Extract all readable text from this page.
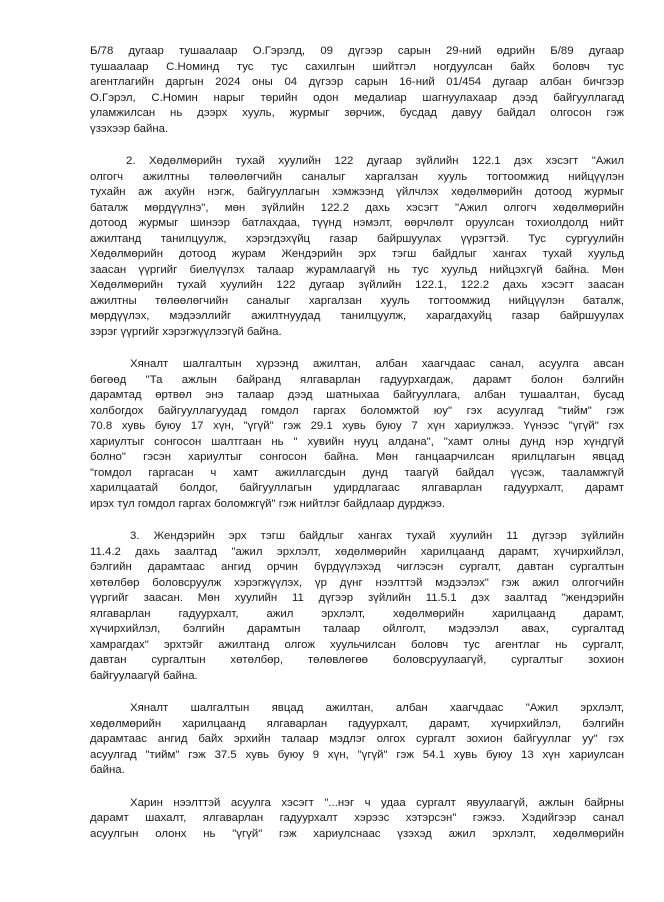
Б/78 дугаар тушаалаар О.Гэрэлд, 09 дүгээр сарын 29-ний өдрийн Б/89 дугаар
тушаалаар С.Номинд тус тус сахилгын шийтгэл ногдуулсан байх боловч тус
агентлагийн даргын 2024 оны 04 дүгээр сарын 16-ний 01/454 дугаар албан бичгээр
О.Гэрэл, С.Номин нарыг төрийн одон медалиар шагнуулахаар дээд байгууллагад
уламжилсан нь дээрх хууль, журмыг зөрчиж, бусдад давуу байдал олгосон гэж
үзэхээр байна.
2. Хөдөлмөрийн тухай хуулийн 122 дугаар зүйлийн 122.1 дэх хэсэгт "Ажил
олгогч ажилтны төлөөлөгчийн саналыг харгалзан хууль тогтоомжид нийцүүлэн
тухайн аж ахуйн нэгж, байгууллагын хэмжээнд үйлчлэх хөдөлмөрийн дотоод журмыг
баталж мөрдүүлнэ", мөн зүйлийн 122.2 дахь хэсэгт "Ажил олгогч хөдөлмөрийн
дотоод журмыг шинээр батлахдаа, түүнд нэмэлт, өөрчлөлт оруулсан тохиолдолд нийт
ажилтанд танилцуулж, хэрэгдэхүйц газар байршуулах үүрэгтэй. Тус сургуулийн
Хөдөлмөрийн дотоод журам Жендэрийн эрх тэгш байдлыг хангах тухай хуульд
заасан үүргийг биелүүлэх талаар журамлаагүй нь тус хуульд нийцэхгүй байна. Мөн
Хөдөлмөрийн тухай хуулийн 122 дугаар зүйлийн 122.1, 122.2 дахь хэсэгт заасан
ажилтны төлөөлөгчийн саналыг харгалзан хууль тогтоомжид нийцүүлэн баталж,
мөрдүүлэх, мэдээллийг ажилтнуудад танилцуулж, харагдахуйц газар байршуулах
зэрэг үүргийг хэрэгжүүлээгүй байна.
Хяналт шалгалтын хүрээнд ажилтан, албан хаагчдаас санал, асуулга авсан
бөгөөд "Та ажлын байранд ялгаварлан гадуурхагдаж, дарамт болон бэлгийн
дарамтад өртвөл энэ талаар дээд шатныхаа байгууллага, албан тушаалтан, бусад
холбогдох байгууллагуудад гомдол гаргах боломжтой юу" гэх асуулгад "тийм" гэж
70.8 хувь буюу 17 хүн, "үгүй" гэж 29.1 хувь буюу 7 хүн хариулжээ. Үүнээс "үгүй" гэх
хариултыг сонгосон шалтгаан нь " хувийн нууц алдана", "хамт олны дунд нэр хүндгүй
болно" гэсэн хариултыг сонгосон байна. Мөн ганцаарчилсан ярилцлагын явцад
"гомдол гаргасан ч хамт ажиллагсдын дунд таагүй байдал үүсэж, тааламжгүй
харилцаатай болдог, байгууллагын удирдлагаас ялгаварлан гадуурхалт, дарамт
ирэх тул гомдол гаргах боломжгүй" гэж нийтлэг байдлаар дурджээ.
3. Жендэрийн эрх тэгш байдлыг хангах тухай хуулийн 11 дүгээр зүйлийн
11.4.2 дахь заалтад "ажил эрхлэлт, хөдөлмөрийн харилцаанд дарамт, хүчирхийлэл,
бэлгийн дарамтаас ангид орчин бүрдүүлэхэд чиглэсэн сургалт, давтан сургалтын
хөтөлбөр боловсруулж хэрэгжүүлэх, үр дүнг нээлттэй мэдээлэх" гэж ажил олгогчийн
үүргийг заасан. Мөн хуулийн 11 дүгээр зүйлийн 11.5.1 дэх заалтад "жендэрийн
ялгаварлан гадуурхалт, ажил эрхлэлт, хөдөлмөрийн харилцаанд дарамт,
хүчирхийлэл, бэлгийн дарамтын талаар ойлголт, мэдээлэл авах, сургалтад
хамрагдах" эрхтэйг ажилтанд олгож хуульчилсан боловч тус агентлаг нь сургалт,
давтан сургалтын хөтөлбөр, төлөвлөгөө боловсруулаагүй, сургалтыг зохион
байгуулаагүй байна.
Хяналт шалгалтын явцад ажилтан, албан хаагчдаас "Ажил эрхлэлт,
хөдөлмөрийн харилцаанд ялгаварлан гадуурхалт, дарамт, хүчирхийлэл, бэлгийн
дарамтаас ангид байх эрхийн талаар мэдлэг олгох сургалт зохион байгууллаг уу" гэх
асуулгад "тийм" гэж 37.5 хувь буюу 9 хүн, "үгүй" гэж 54.1 хувь буюу 13 хүн хариулсан
байна.
Харин нээлттэй асуулга хэсэгт "...нэг ч удаа сургалт явуулаагүй, ажлын байрны
дарамт шахалт, ялгаварлан гадуурхалт хэрээс хэтэрсэн" гэжээ. Хэдийгээр санал
асуулгын олонх нь "үгүй" гэж хариулснаас үзэхэд ажил эрхлэлт, хөдөлмөрийн
